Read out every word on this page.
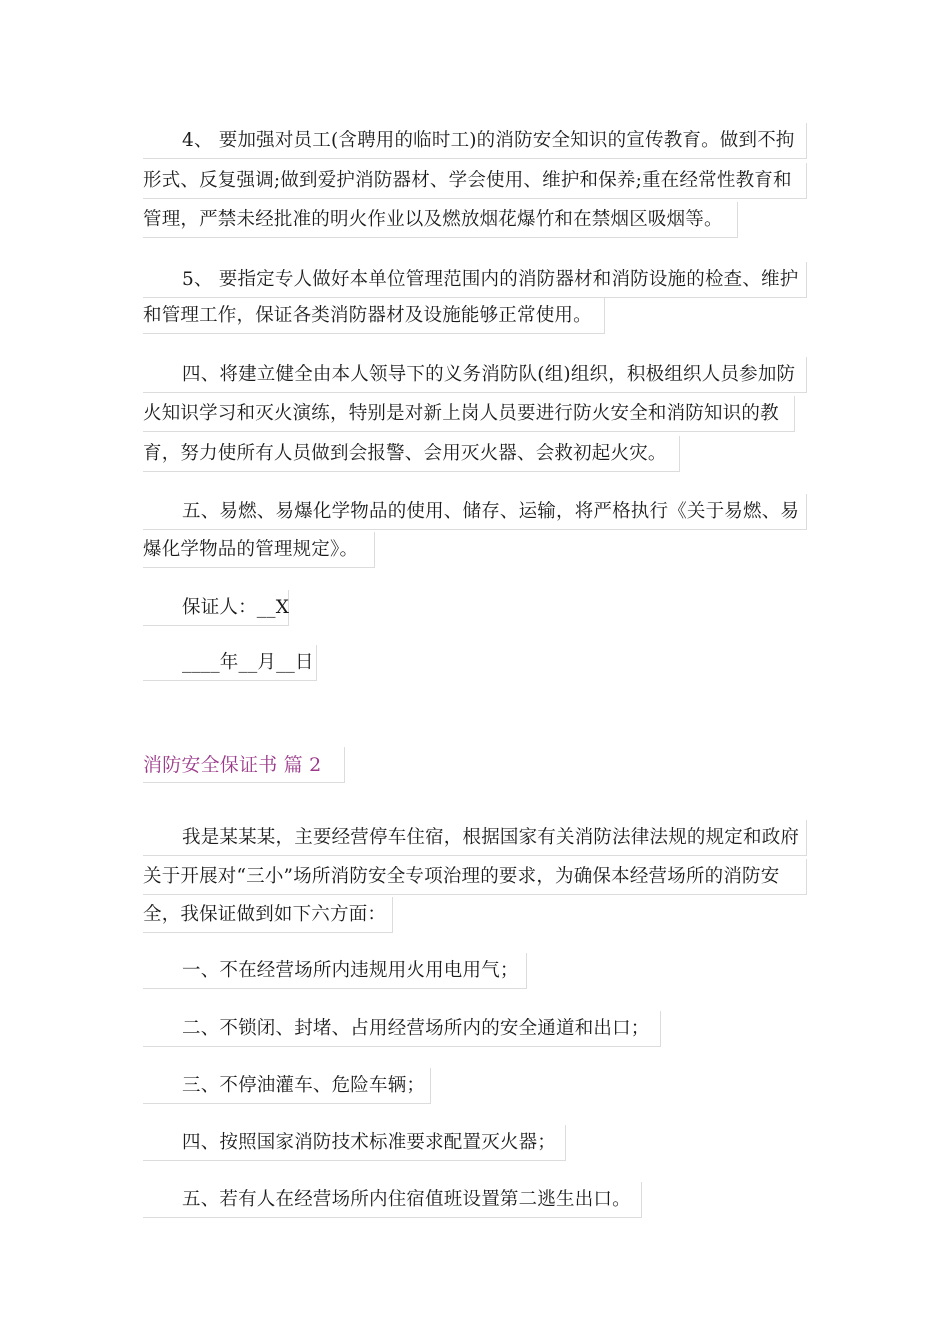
4、 要加强对员工(含聘用的临时工)的消防安全知识的宣传教育。做到不拘
形式、反复强调;做到爱护消防器材、学会使用、维护和保养;重在经常性教育和
管理，严禁未经批准的明火作业以及燃放烟花爆竹和在禁烟区吸烟等。
5、 要指定专人做好本单位管理范围内的消防器材和消防设施的检查、维护
和管理工作，保证各类消防器材及设施能够正常使用。
四、将建立健全由本人领导下的义务消防队(组)组织，积极组织人员参加防
火知识学习和灭火演练，特别是对新上岗人员要进行防火安全和消防知识的教
育，努力使所有人员做到会报警、会用灭火器、会救初起火灾。
五、易燃、易爆化学物品的使用、储存、运输，将严格执行《关于易燃、易
爆化学物品的管理规定》。
保证人：__X
____年__月__日
消防安全保证书 篇 2
我是某某某，主要经营停车住宿，根据国家有关消防法律法规的规定和政府
关于开展对“三小”场所消防安全专项治理的要求，为确保本经营场所的消防安
全，我保证做到如下六方面：
一、不在经营场所内违规用火用电用气；
二、不锁闭、封堵、占用经营场所内的安全通道和出口；
三、不停油灌车、危险车辆；
四、按照国家消防技术标准要求配置灭火器；
五、若有人在经营场所内住宿值班设置第二逃生出口。
